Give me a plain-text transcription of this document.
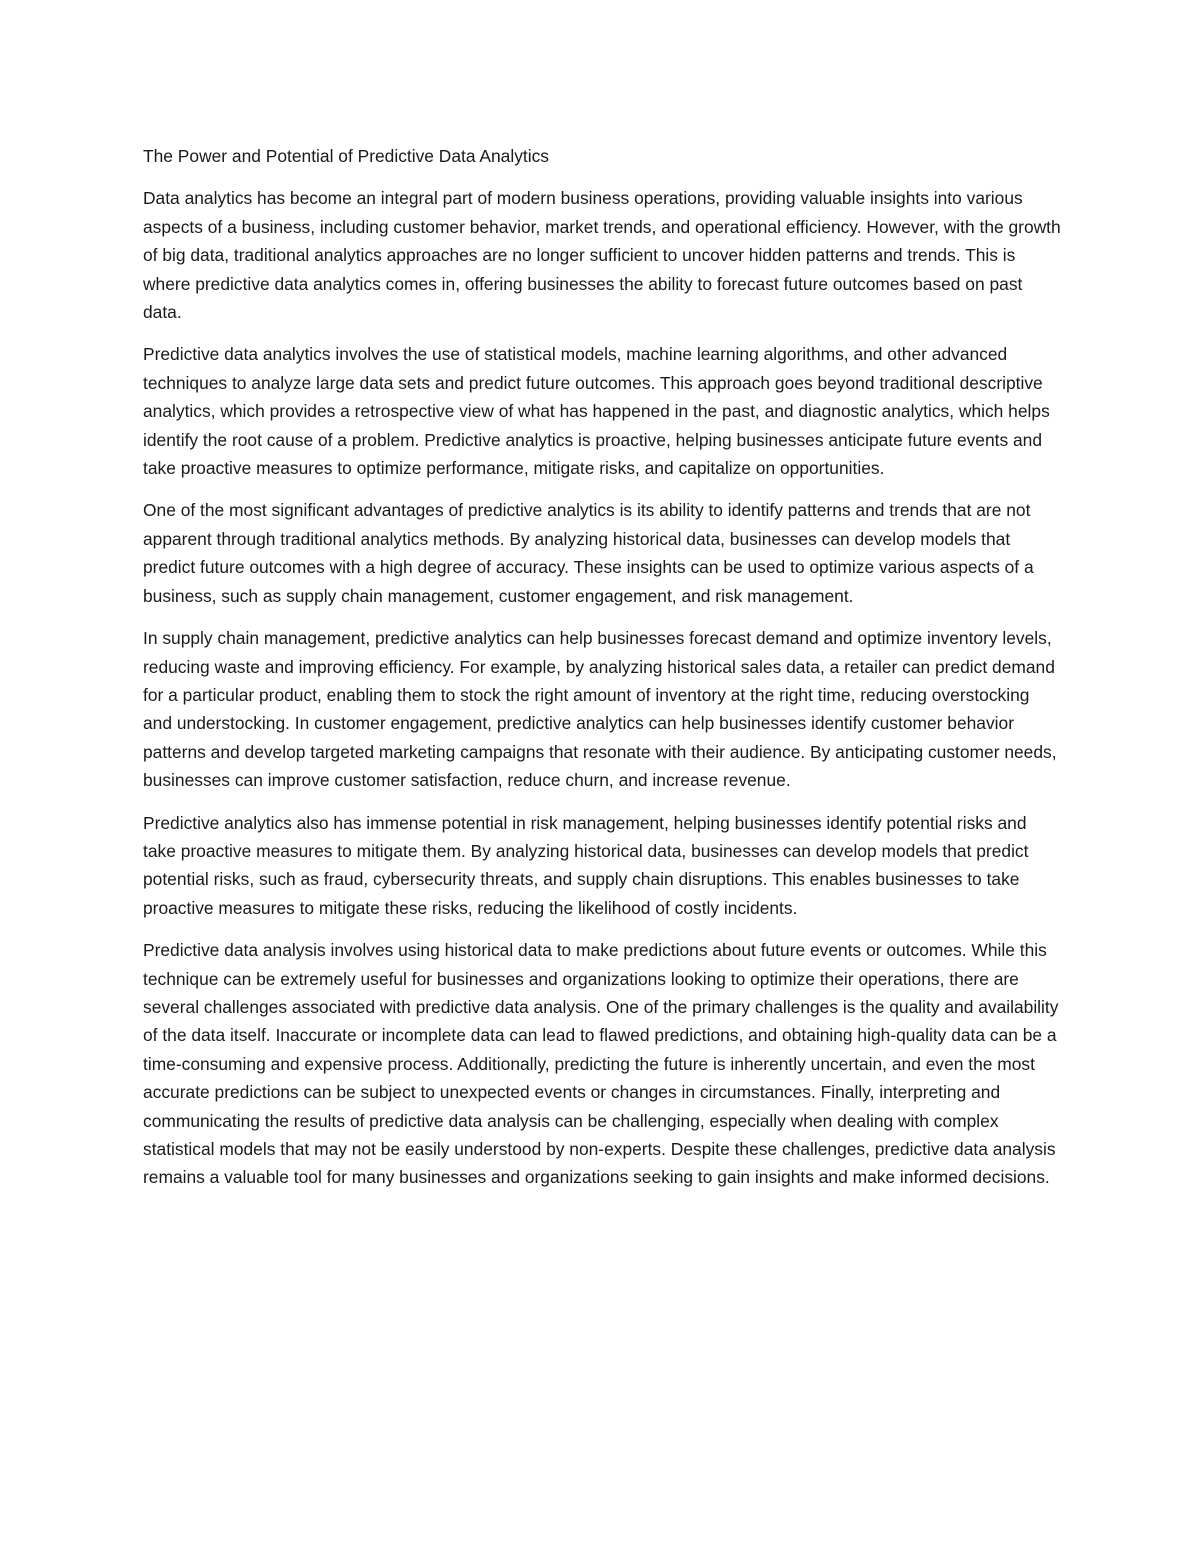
The Power and Potential of Predictive Data Analytics

Data analytics has become an integral part of modern business operations, providing valuable insights into various aspects of a business, including customer behavior, market trends, and operational efficiency. However, with the growth of big data, traditional analytics approaches are no longer sufficient to uncover hidden patterns and trends. This is where predictive data analytics comes in, offering businesses the ability to forecast future outcomes based on past data.

Predictive data analytics involves the use of statistical models, machine learning algorithms, and other advanced techniques to analyze large data sets and predict future outcomes. This approach goes beyond traditional descriptive analytics, which provides a retrospective view of what has happened in the past, and diagnostic analytics, which helps identify the root cause of a problem. Predictive analytics is proactive, helping businesses anticipate future events and take proactive measures to optimize performance, mitigate risks, and capitalize on opportunities.

One of the most significant advantages of predictive analytics is its ability to identify patterns and trends that are not apparent through traditional analytics methods. By analyzing historical data, businesses can develop models that predict future outcomes with a high degree of accuracy. These insights can be used to optimize various aspects of a business, such as supply chain management, customer engagement, and risk management.

In supply chain management, predictive analytics can help businesses forecast demand and optimize inventory levels, reducing waste and improving efficiency. For example, by analyzing historical sales data, a retailer can predict demand for a particular product, enabling them to stock the right amount of inventory at the right time, reducing overstocking and understocking. In customer engagement, predictive analytics can help businesses identify customer behavior patterns and develop targeted marketing campaigns that resonate with their audience. By anticipating customer needs, businesses can improve customer satisfaction, reduce churn, and increase revenue.

Predictive analytics also has immense potential in risk management, helping businesses identify potential risks and take proactive measures to mitigate them. By analyzing historical data, businesses can develop models that predict potential risks, such as fraud, cybersecurity threats, and supply chain disruptions. This enables businesses to take proactive measures to mitigate these risks, reducing the likelihood of costly incidents.

Predictive data analysis involves using historical data to make predictions about future events or outcomes. While this technique can be extremely useful for businesses and organizations looking to optimize their operations, there are several challenges associated with predictive data analysis. One of the primary challenges is the quality and availability of the data itself. Inaccurate or incomplete data can lead to flawed predictions, and obtaining high-quality data can be a time-consuming and expensive process. Additionally, predicting the future is inherently uncertain, and even the most accurate predictions can be subject to unexpected events or changes in circumstances. Finally, interpreting and communicating the results of predictive data analysis can be challenging, especially when dealing with complex statistical models that may not be easily understood by non-experts. Despite these challenges, predictive data analysis remains a valuable tool for many businesses and organizations seeking to gain insights and make informed decisions.
